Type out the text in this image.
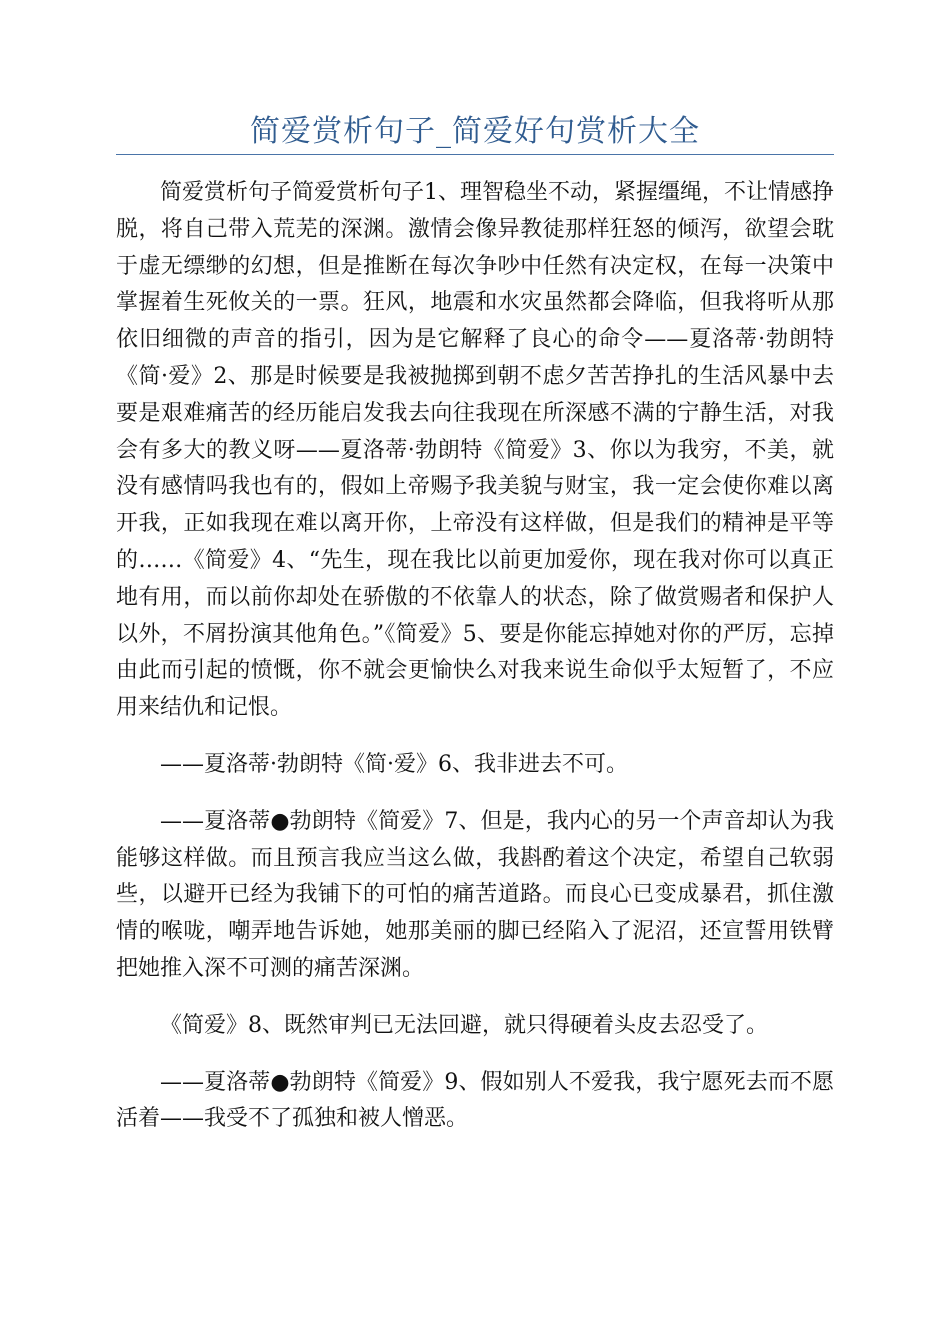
简爱赏析句子_简爱好句赏析大全

简爱赏析句子简爱赏析句子1、理智稳坐不动，紧握缰绳，不让情感挣脱，将自己带入荒芜的深渊。激情会像异教徒那样狂怒的倾泻，欲望会耽于虚无缥缈的幻想，但是推断在每次争吵中任然有决定权，在每一决策中掌握着生死攸关的一票。狂风，地震和水灾虽然都会降临，但我将听从那依旧细微的声音的指引，因为是它解释了良心的命令——夏洛蒂·勃朗特《简·爱》2、那是时候要是我被抛掷到朝不虑夕苦苦挣扎的生活风暴中去要是艰难痛苦的经历能启发我去向往我现在所深感不满的宁静生活，对我会有多大的教义呀——夏洛蒂·勃朗特《简爱》3、你以为我穷，不美，就没有感情吗我也有的，假如上帝赐予我美貌与财宝，我一定会使你难以离开我，正如我现在难以离开你，上帝没有这样做，但是我们的精神是平等的……《简爱》4、“先生，现在我比以前更加爱你，现在我对你可以真正地有用，而以前你却处在骄傲的不依靠人的状态，除了做赏赐者和保护人以外，不屑扮演其他角色。”《简爱》5、要是你能忘掉她对你的严厉，忘掉由此而引起的愤慨，你不就会更愉快么对我来说生命似乎太短暂了，不应用来结仇和记恨。

——夏洛蒂·勃朗特《简·爱》6、我非进去不可。

——夏洛蒂●勃朗特《简爱》7、但是，我内心的另一个声音却认为我能够这样做。而且预言我应当这么做，我斟酌着这个决定，希望自己软弱些，以避开已经为我铺下的可怕的痛苦道路。而良心已变成暴君，抓住激情的喉咙，嘲弄地告诉她，她那美丽的脚已经陷入了泥沼，还宣誓用铁臂把她推入深不可测的痛苦深渊。

《简爱》8、既然审判已无法回避，就只得硬着头皮去忍受了。

——夏洛蒂●勃朗特《简爱》9、假如别人不爱我，我宁愿死去而不愿活着——我受不了孤独和被人憎恶。
